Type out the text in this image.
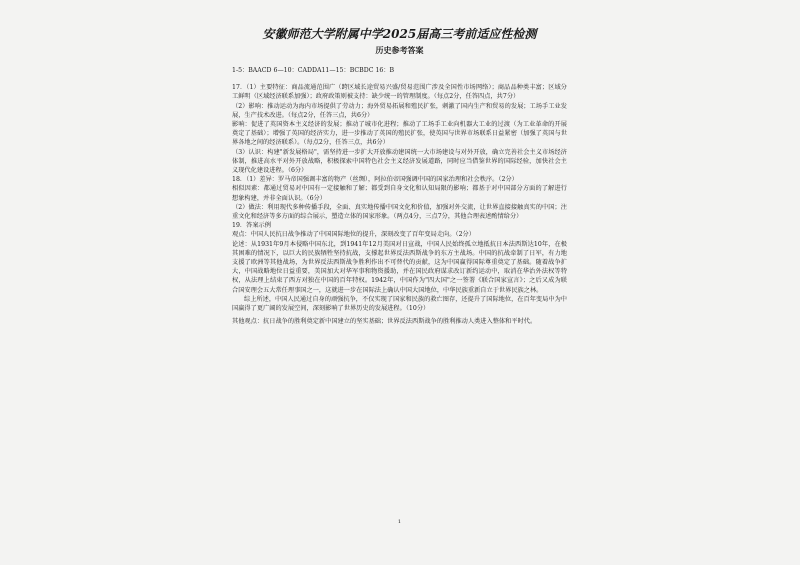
安徽师范大学附属中学2025届高三考前适应性检测
历史参考答案

1-5：BAACD 6—10：CADDA11—15：BCBDC 16：B

17．（1）主要特征：商品流通范围广（跨区域长途贸易兴盛/贸易范围广涉及全国性市场网络）；商品品种类丰富；区域分工鲜明（区域经济联系加强）；政府政策则被支持：缺少统一的管理制度。（每点2分，任答四点，共7分）

（2）影响：推动运动为海内市场提供了劳动力；海外贸易拓展和殖民扩张，刺激了国内生产和贸易的发展；工场手工业发展，生产技术改进。（每点2分，任答三点，共6分）

影响：促进了英国资本主义经济的发展；推动了城市化进程；推动了工场手工业向机器大工业的过渡（为工业革命的开展奠定了基础）；增强了英国的经济实力，进一步推动了英国的殖民扩张，使英国与世界市场联系日益紧密（加强了英国与世界各地之间的经济联系）。（每点2分，任答三点，共6分）

（3）认识：构建"新发展格局"，需坚持进一步扩大开放推动建国统一大市场建设与对外开放，确立完善社会主义市场经济体制，推进高水平对外开放战略，积极探索中国特色社会主义经济发展道路，同时应当借鉴世界的国际经验，加快社会主义现代化建设进程。（6分）

18．（1）差异：罗马帝国强调丰富的物产（丝绸），阿拉伯帝国强调中国的国家治理和社会秩序。（2分）

相似因素：都通过贸易对中国有一定接触和了解；都受到自身文化和认知局限的影响；都基于对中国部分方面的了解进行想象构建，并非全面认识。（6分）

（2）做法：利用现代多种传播手段，全面、真实地传播中国文化和价值，加强对外交流，让世界直接接触真实的中国；注重文化和经济等多方面的综合展示，塑造立体的国家形象。（两点4分，三点7分，其他合理表述酌情给分）

19．答案示例

观点：中国人民抗日战争推动了中国国际地位的提升，深刻改变了百年变局走向。（2分）

论述：从1931年9月本侵略中国东北，到1941年12月美国对日宣战，中国人民始终孤立地抵抗日本法西斯达10年，在极其困难的情况下，以巨大的民族牺牲坚持抗战，支撑起世界反法西斯战争的东方主战场。中国的抗战牵制了日军，有力地支援了欧洲等其他战场，为世界反法西斯战争胜利作出不可替代的贡献，这为中国赢得国际尊重奠定了基础。随着战争扩大，中国战略地位日益重要，美国加大对华军事和物资援助，并在国民政府谋求改订新约运动中，取消在华治外法权等特权，从法理上结束了西方对独在中国的百年特权。1942年，中国作为"四大国"之一签署《联合国家宣言》；之后又成为联合国安理会五大常任理事国之一，这就进一步在国际法上确认中国大国地位，中华民族重新自立于世界民族之林。

综上所述，中国人民通过自身的顽强抗争，不仅实现了国家和民族的救亡图存，还提升了国际地位，在百年变局中为中国赢得了更广阔的发展空间，深刻影响了世界历史的发展进程。（10分）

其他观点：抗日战争的胜利奠定新中国建立的坚实基础；世界反法西斯战争的胜利推动人类进入整体和平时代。

1
